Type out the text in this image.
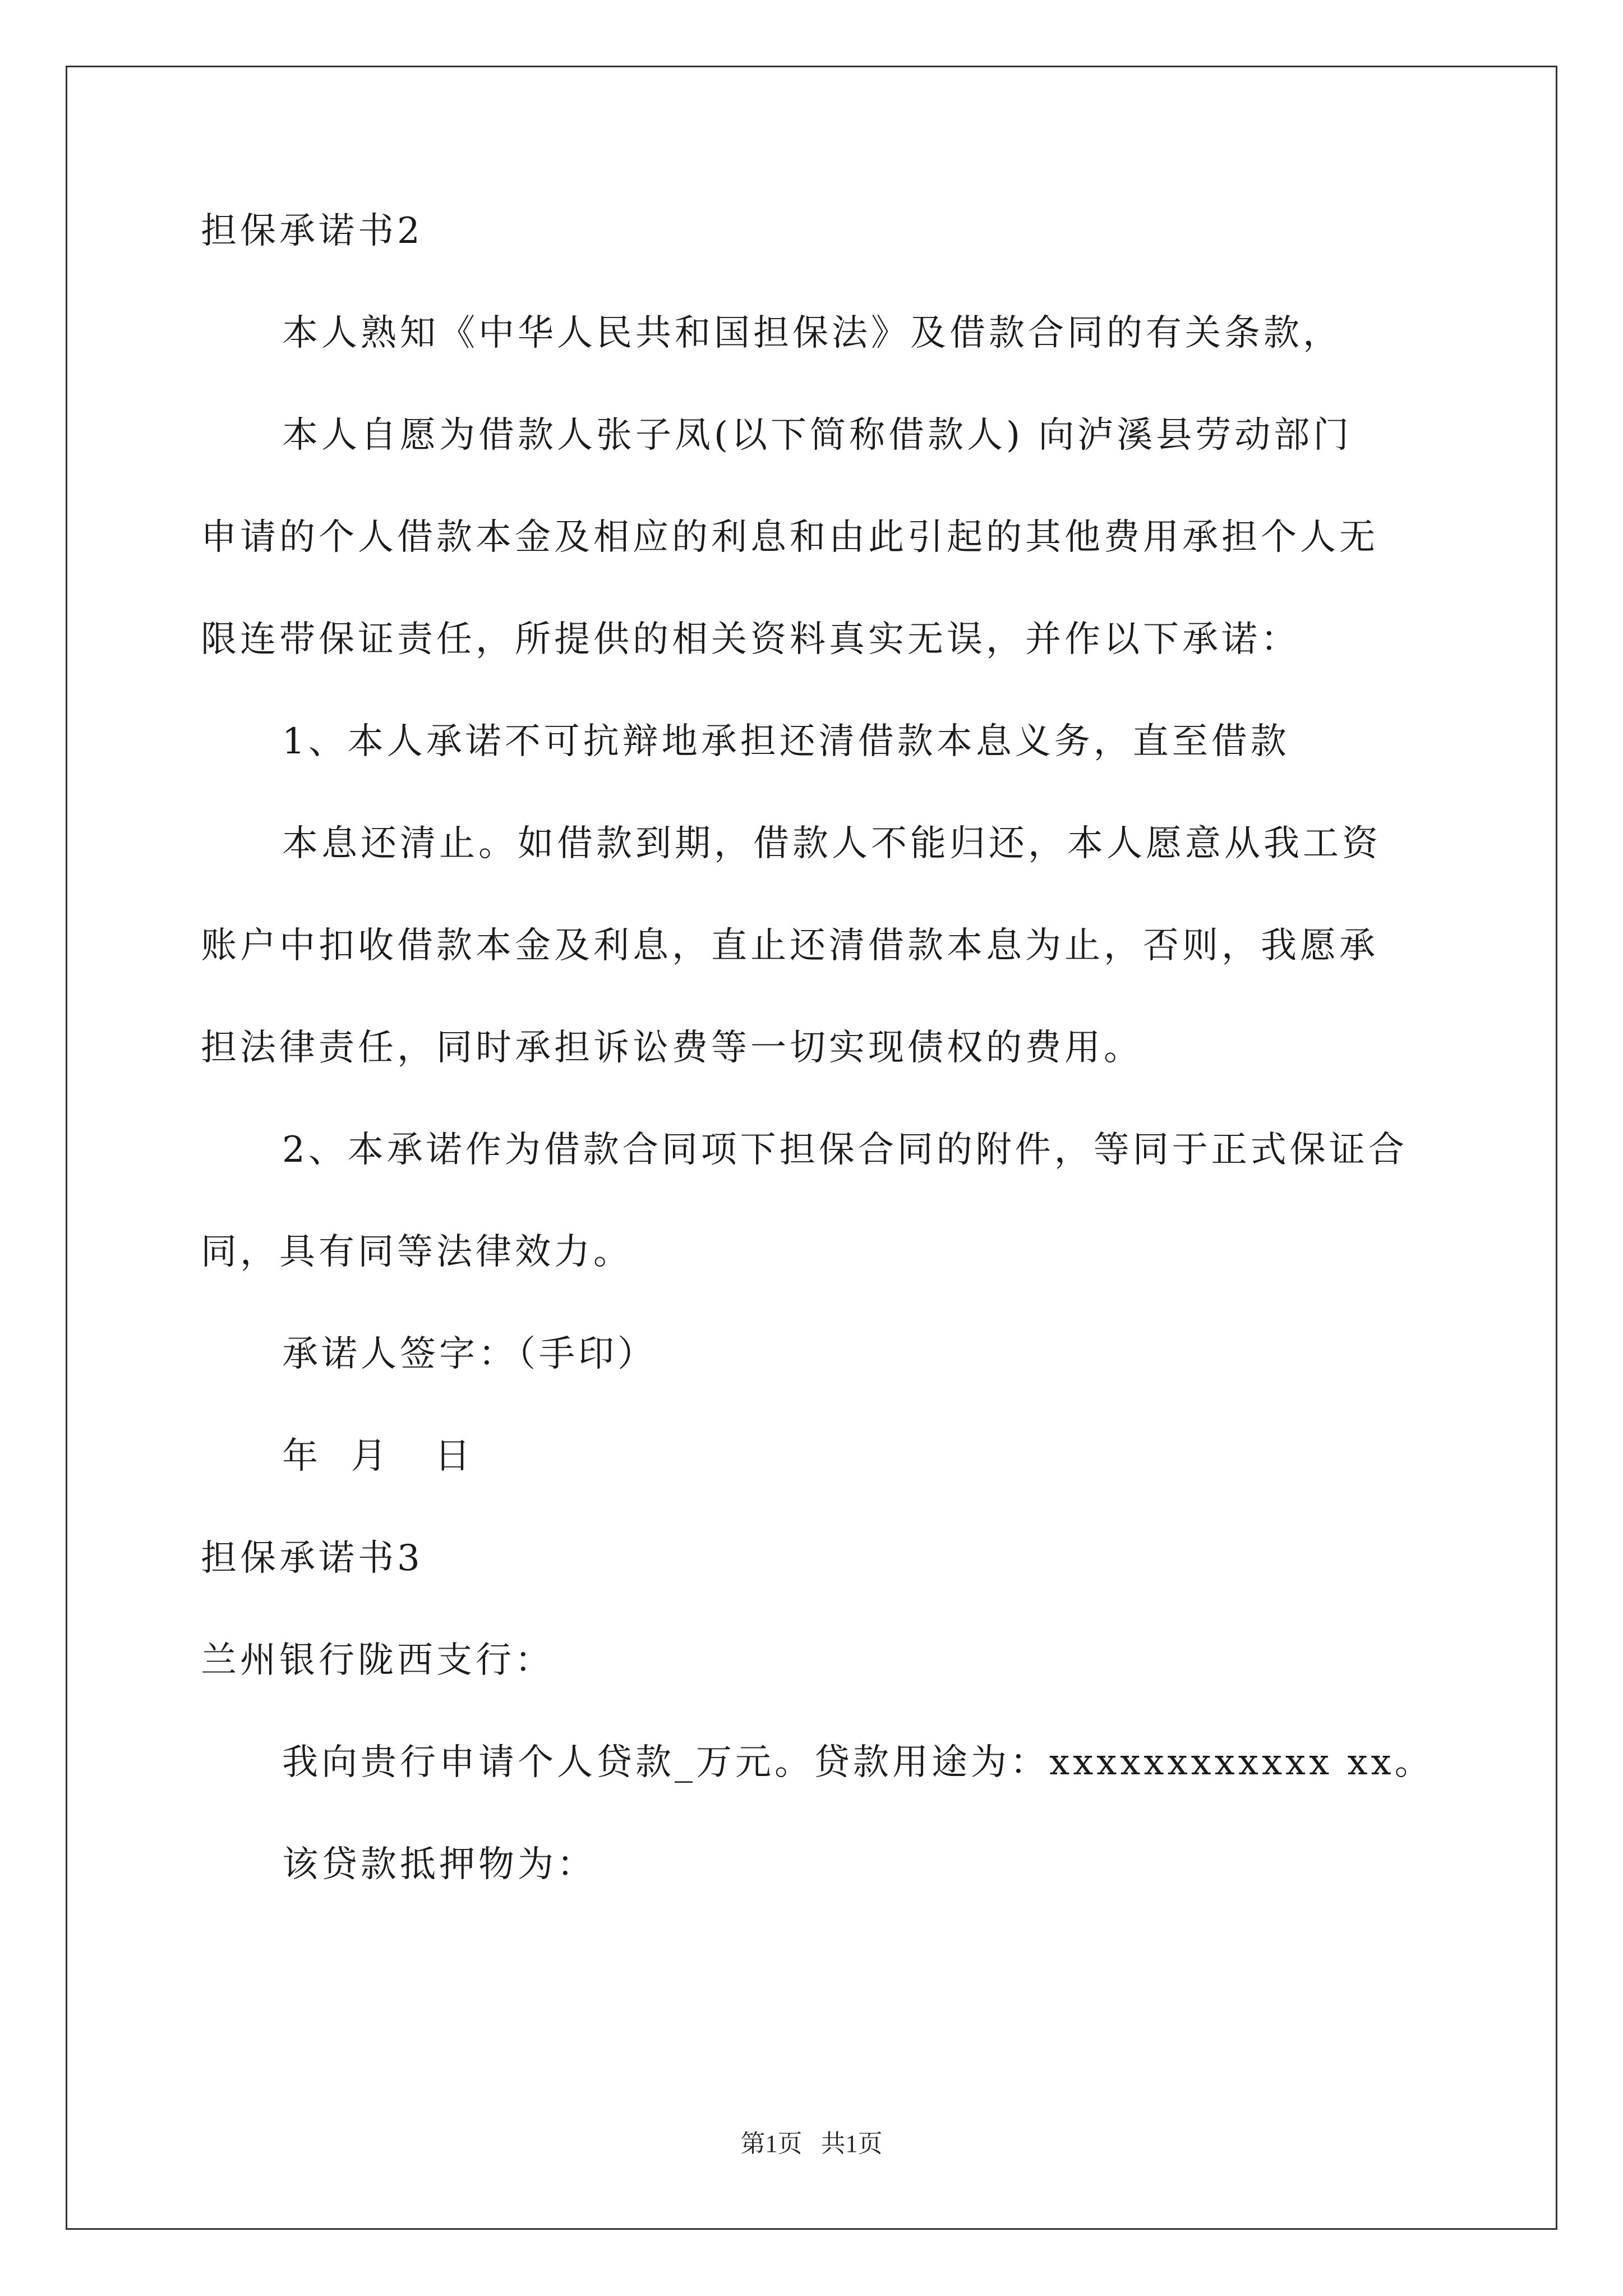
担保承诺书2
本人熟知《中华人民共和国担保法》及借款合同的有关条款，
本人自愿为借款人张子凤(以下简称借款人) 向泸溪县劳动部门
申请的个人借款本金及相应的利息和由此引起的其他费用承担个人无
限连带保证责任，所提供的相关资料真实无误，并作以下承诺：
1、本人承诺不可抗辩地承担还清借款本息义务，直至借款
本息还清止。如借款到期，借款人不能归还，本人愿意从我工资
账户中扣收借款本金及利息，直止还清借款本息为止，否则，我愿承
担法律责任，同时承担诉讼费等一切实现债权的费用。
2、本承诺作为借款合同项下担保合同的附件，等同于正式保证合
同，具有同等法律效力。
承诺人签字：（手印）
年  月   日
担保承诺书3
兰州银行陇西支行：
我向贵行申请个人贷款_万元。贷款用途为：xxxxxxxxxxxx xx。
该贷款抵押物为：
第1页   共1页
